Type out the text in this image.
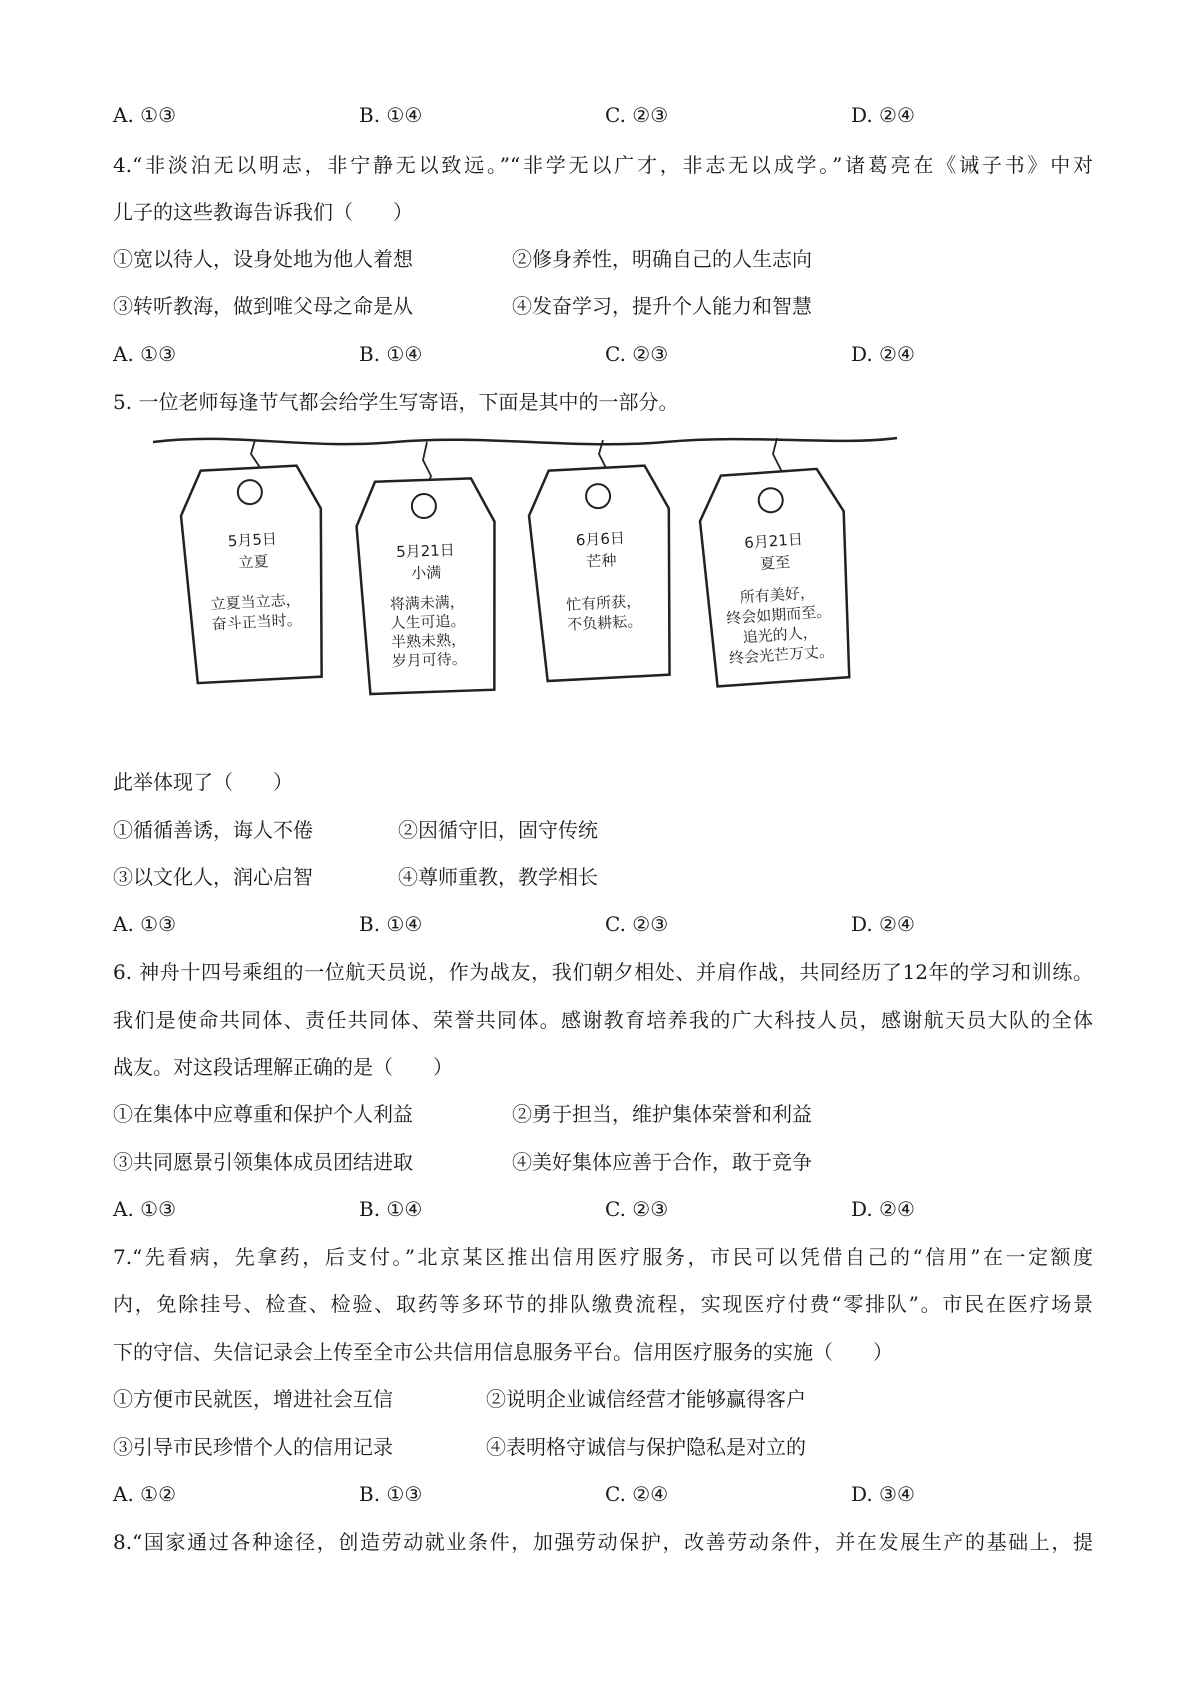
A. ①③	B. ①④	C. ②③	D. ②④
4.“非淡泊无以明志，非宁静无以致远。”“非学无以广才，非志无以成学。”诸葛亮在《诫子书》中对
儿子的这些教诲告诉我们（　　）
①宽以待人，设身处地为他人着想	②修身养性，明确自己的人生志向
③转听教海，做到唯父母之命是从	④发奋学习，提升个人能力和智慧
A. ①③	B. ①④	C. ②③	D. ②④
5. 一位老师每逢节气都会给学生写寄语，下面是其中的一部分。
5月5日
立夏
立夏当立志，
奋斗正当时。
5月21日
小满
将满未满，
人生可追。
半熟未熟，
岁月可待。
6月6日
芒种
忙有所获，
不负耕耘。
6月21日
夏至
所有美好，
终会如期而至。
追光的人，
终会光芒万丈。
此举体现了（　　）
①循循善诱，诲人不倦	②因循守旧，固守传统
③以文化人，润心启智	④尊师重教，教学相长
A. ①③	B. ①④	C. ②③	D. ②④
6. 神舟十四号乘组的一位航天员说，作为战友，我们朝夕相处、并肩作战，共同经历了12年的学习和训练。
我们是使命共同体、责任共同体、荣誉共同体。感谢教育培养我的广大科技人员，感谢航天员大队的全体
战友。对这段话理解正确的是（　　）
①在集体中应尊重和保护个人利益	②勇于担当，维护集体荣誉和利益
③共同愿景引领集体成员团结进取	④美好集体应善于合作，敢于竞争
A. ①③	B. ①④	C. ②③	D. ②④
7.“先看病，先拿药，后支付。”北京某区推出信用医疗服务，市民可以凭借自己的“信用”在一定额度
内，免除挂号、检查、检验、取药等多环节的排队缴费流程，实现医疗付费“零排队”。市民在医疗场景
下的守信、失信记录会上传至全市公共信用信息服务平台。信用医疗服务的实施（　　）
①方便市民就医，增进社会互信	②说明企业诚信经营才能够赢得客户
③引导市民珍惜个人的信用记录	④表明格守诚信与保护隐私是对立的
A. ①②	B. ①③	C. ②④	D. ③④
8.“国家通过各种途径，创造劳动就业条件，加强劳动保护，改善劳动条件，并在发展生产的基础上，提
